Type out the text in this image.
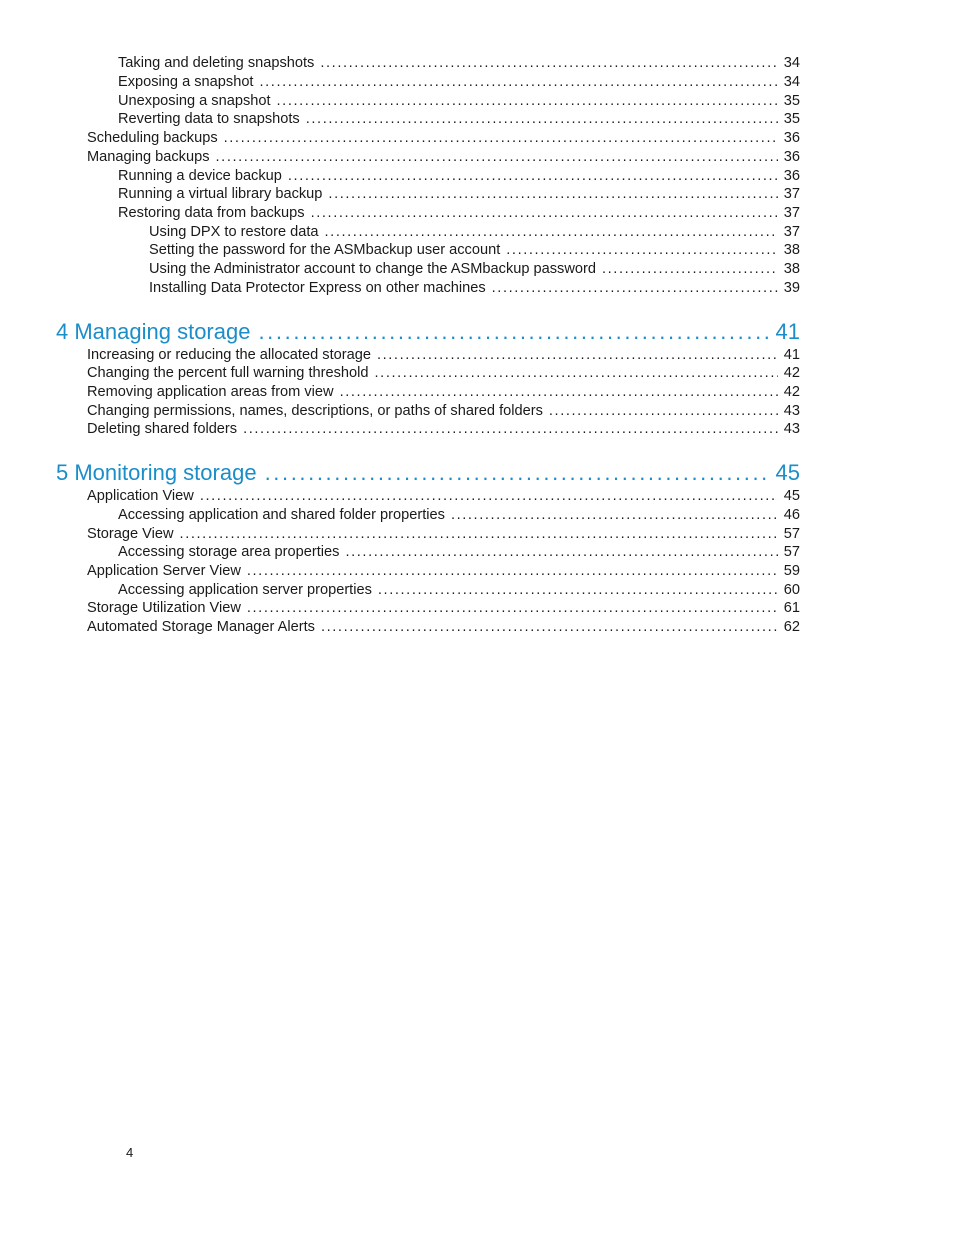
Taking and deleting snapshots .....	34
Exposing a snapshot .....	34
Unexposing a snapshot .....	35
Reverting data to snapshots .....	35
Scheduling backups .....	36
Managing backups .....	36
Running a device backup .....	36
Running a virtual library backup .....	37
Restoring data from backups .....	37
Using DPX to restore data .....	37
Setting the password for the ASMbackup user account .....	38
Using the Administrator account to change the ASMbackup password .....	38
Installing Data Protector Express on other machines .....	39
4 Managing storage .....	41
Increasing or reducing the allocated storage .....	41
Changing the percent full warning threshold .....	42
Removing application areas from view .....	42
Changing permissions, names, descriptions, or paths of shared folders .....	43
Deleting shared folders .....	43
5 Monitoring storage .....	45
Application View .....	45
Accessing application and shared folder properties .....	46
Storage View .....	57
Accessing storage area properties .....	57
Application Server View .....	59
Accessing application server properties .....	60
Storage Utilization View .....	61
Automated Storage Manager Alerts .....	62
4
